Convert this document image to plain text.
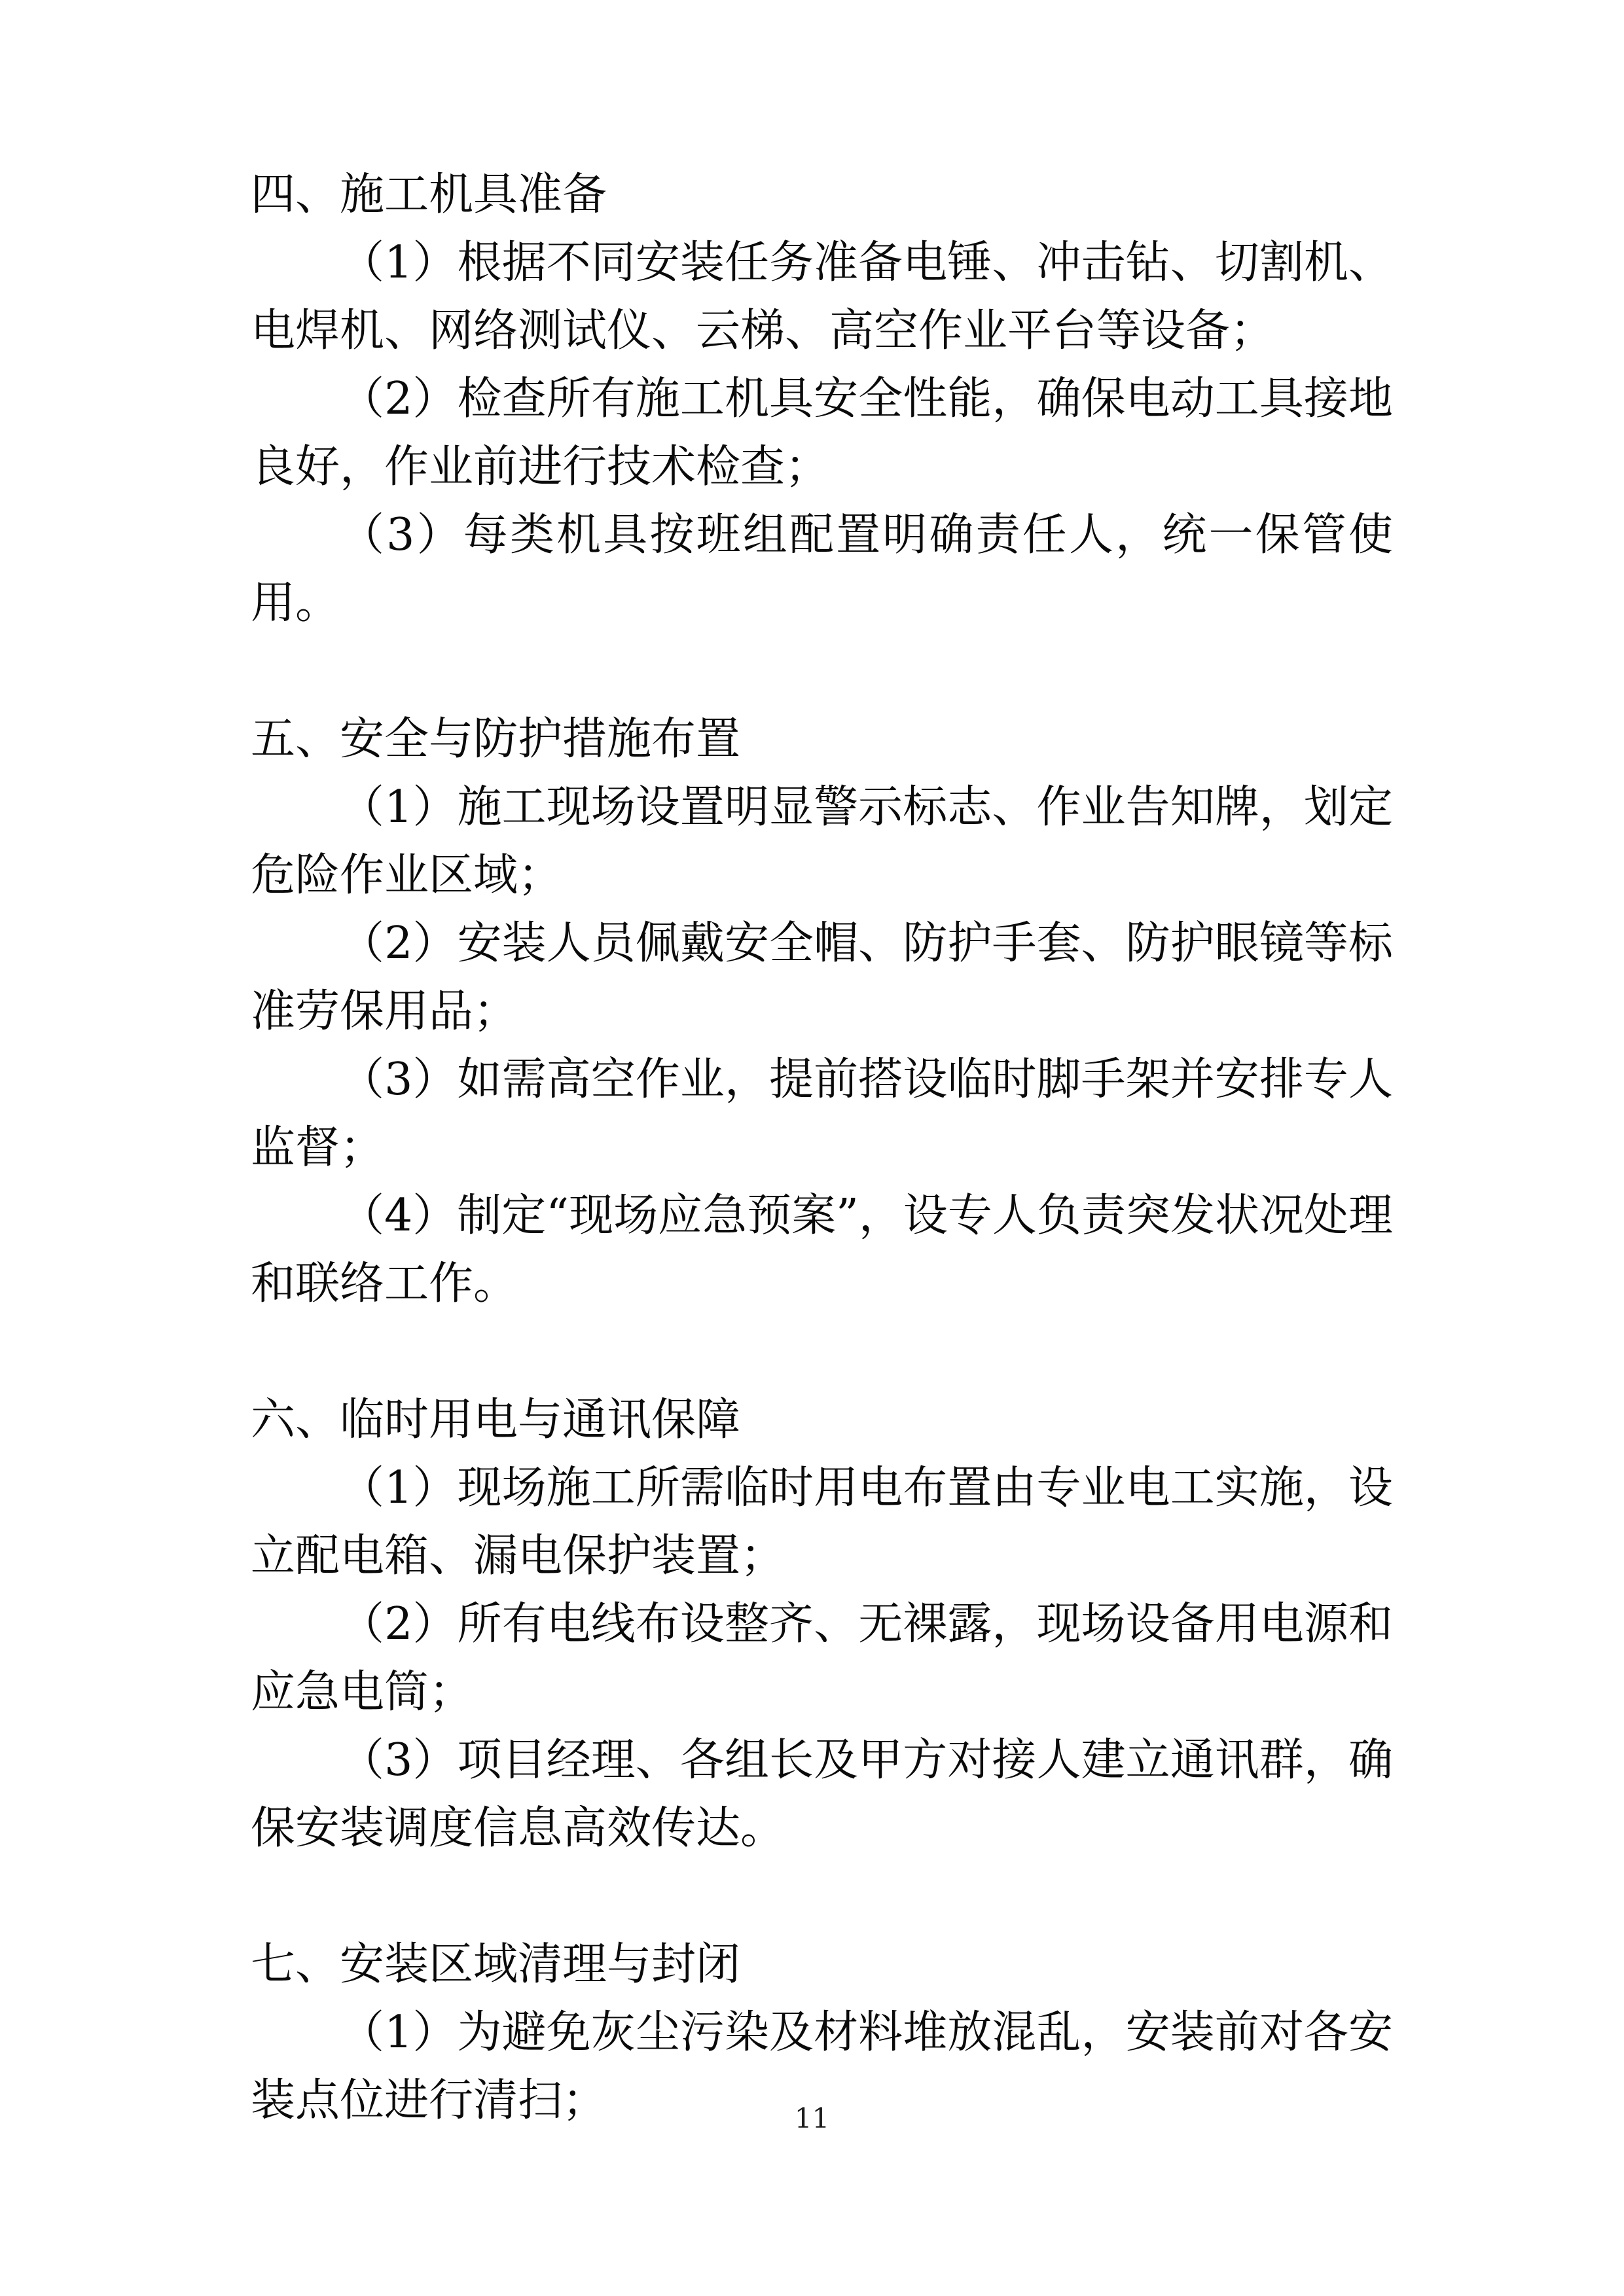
四、施工机具准备

（1）根据不同安装任务准备电锤、冲击钻、切割机、电焊机、网络测试仪、云梯、高空作业平台等设备；

（2）检查所有施工机具安全性能，确保电动工具接地良好，作业前进行技术检查；

（3）每类机具按班组配置明确责任人，统一保管使用。

五、安全与防护措施布置

（1）施工现场设置明显警示标志、作业告知牌，划定危险作业区域；

（2）安装人员佩戴安全帽、防护手套、防护眼镜等标准劳保用品；

（3）如需高空作业，提前搭设临时脚手架并安排专人监督；

（4）制定“现场应急预案”，设专人负责突发状况处理和联络工作。

六、临时用电与通讯保障

（1）现场施工所需临时用电布置由专业电工实施，设立配电箱、漏电保护装置；

（2）所有电线布设整齐、无裸露，现场设备用电源和应急电筒；

（3）项目经理、各组长及甲方对接人建立通讯群，确保安装调度信息高效传达。

七、安装区域清理与封闭

（1）为避免灰尘污染及材料堆放混乱，安装前对各安装点位进行清扫；	11
